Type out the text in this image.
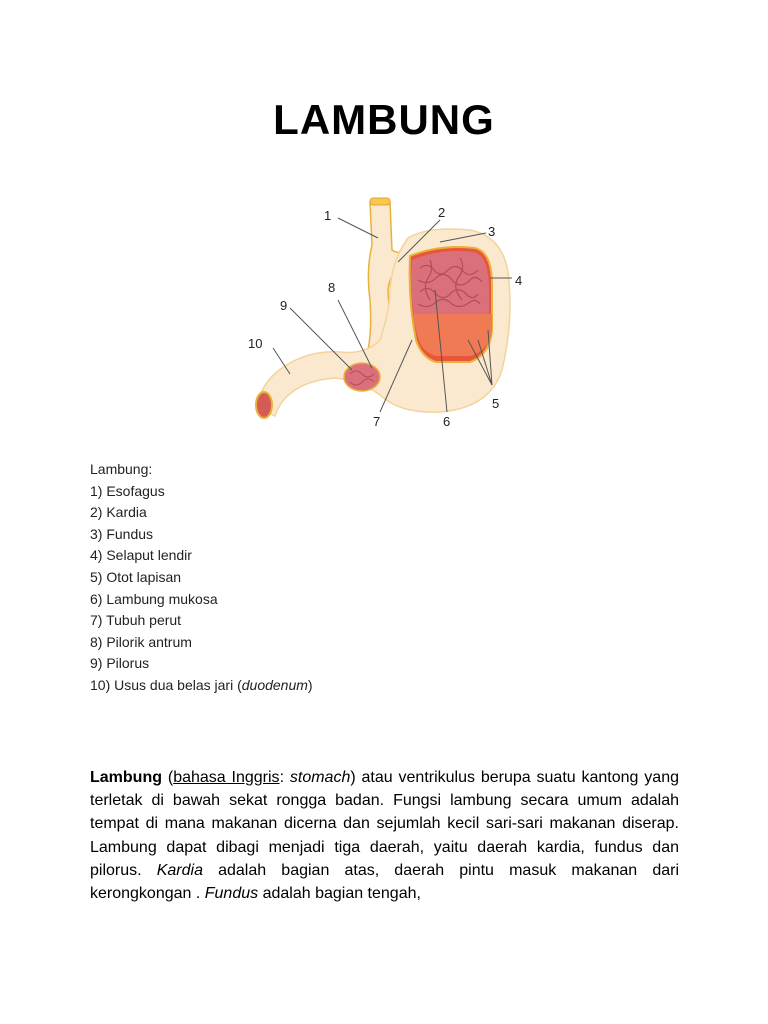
LAMBUNG
1	2
3
4
5
6
7
8
9
10
Lambung:
1) Esofagus
2) Kardia
3) Fundus
4) Selaput lendir
5) Otot lapisan
6) Lambung mukosa
7) Tubuh perut
8) Pilorik antrum
9) Pilorus
10) Usus dua belas jari (duodenum)
Lambung (bahasa Inggris: stomach) atau ventrikulus berupa suatu kantong yang terletak di bawah sekat rongga badan. Fungsi lambung secara umum adalah tempat di mana makanan dicerna dan sejumlah kecil sari-sari makanan diserap. Lambung dapat dibagi menjadi tiga daerah, yaitu daerah kardia, fundus dan pilorus. Kardia adalah bagian atas, daerah pintu masuk makanan dari kerongkongan . Fundus adalah bagian tengah,
